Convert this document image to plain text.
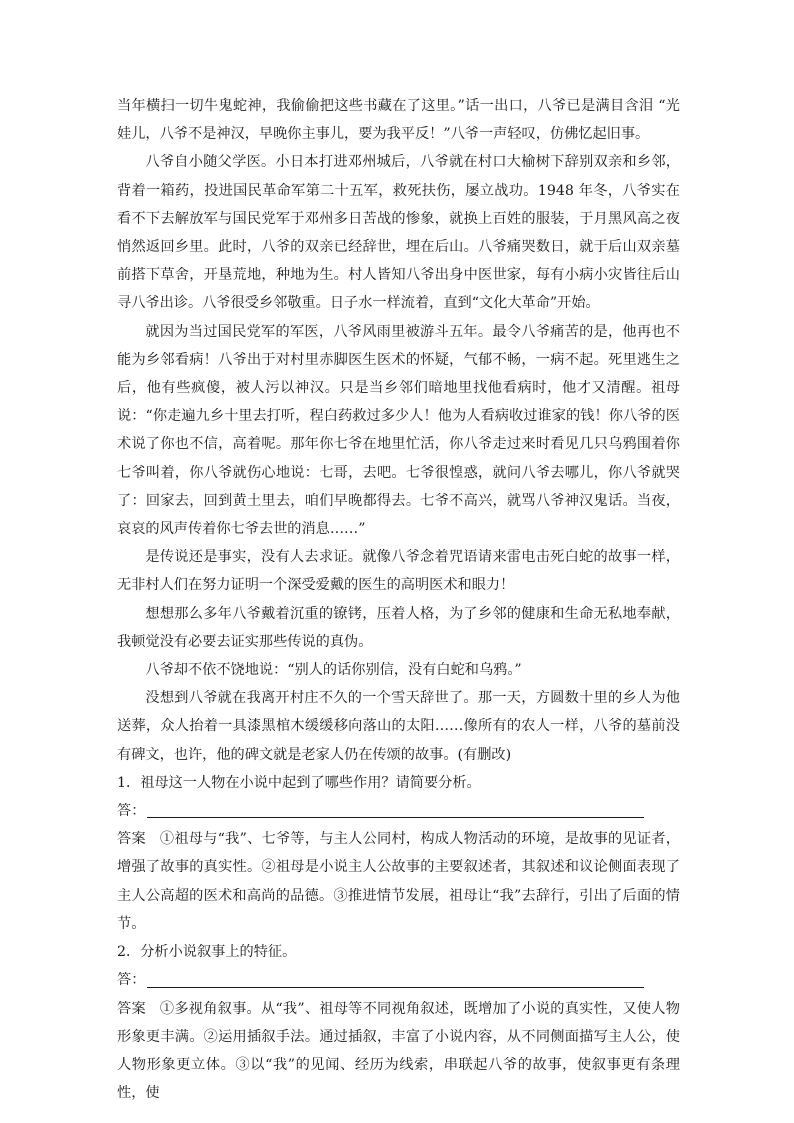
当年横扫一切牛鬼蛇神，我偷偷把这些书藏在了这里。”话一出口，八爷已是满目含泪 “光娃儿，八爷不是神汉，早晚你主事儿，要为我平反！”八爷一声轻叹，仿佛忆起旧事。

八爷自小随父学医。小日本打进邓州城后，八爷就在村口大榆树下辞别双亲和乡邻，背着一箱药，投进国民革命军第二十五军，救死扶伤，屡立战功。1948 年冬，八爷实在看不下去解放军与国民党军于邓州多日苦战的惨象，就换上百姓的服装，于月黑风高之夜悄然返回乡里。此时，八爷的双亲已经辞世，埋在后山。八爷痛哭数日，就于后山双亲墓前搭下草舍，开垦荒地，种地为生。村人皆知八爷出身中医世家，每有小病小灾皆往后山寻八爷出诊。八爷很受乡邻敬重。日子水一样流着，直到“文化大革命”开始。

就因为当过国民党军的军医，八爷风雨里被游斗五年。最令八爷痛苦的是，他再也不能为乡邻看病！八爷出于对村里赤脚医生医术的怀疑，气郁不畅，一病不起。死里逃生之后，他有些疯傻，被人污以神汉。只是当乡邻们暗地里找他看病时，他才又清醒。祖母说：“你走遍九乡十里去打听，程白药救过多少人！他为人看病收过谁家的钱！你八爷的医术说了你也不信，高着呢。那年你七爷在地里忙活，你八爷走过来时看见几只乌鸦围着你七爷叫着，你八爷就伤心地说：七哥，去吧。七爷很惶惑，就问八爷去哪儿，你八爷就哭了：回家去，回到黄土里去，咱们早晚都得去。七爷不高兴，就骂八爷神汉鬼话。当夜，哀哀的风声传着你七爷去世的消息……”

是传说还是事实，没有人去求证。就像八爷念着咒语请来雷电击死白蛇的故事一样，无非村人们在努力证明一个深受爱戴的医生的高明医术和眼力！

想想那么多年八爷戴着沉重的镣铐，压着人格，为了乡邻的健康和生命无私地奉献，我顿觉没有必要去证实那些传说的真伪。

八爷却不依不饶地说：“别人的话你别信，没有白蛇和乌鸦。”

没想到八爷就在我离开村庄不久的一个雪天辞世了。那一天，方圆数十里的乡人为他送葬，众人抬着一具漆黑棺木缓缓移向落山的太阳……像所有的农人一样，八爷的墓前没有碑文，也许，他的碑文就是老家人仍在传颂的故事。(有删改)

1．祖母这一人物在小说中起到了哪些作用？请简要分析。

答：

答案 ①祖母与“我”、七爷等，与主人公同村，构成人物活动的环境，是故事的见证者，增强了故事的真实性。②祖母是小说主人公故事的主要叙述者，其叙述和议论侧面表现了主人公高超的医术和高尚的品德。③推进情节发展，祖母让“我”去辞行，引出了后面的情节。

2．分析小说叙事上的特征。

答：

答案 ①多视角叙事。从“我”、祖母等不同视角叙述，既增加了小说的真实性，又使人物形象更丰满。②运用插叙手法。通过插叙，丰富了小说内容，从不同侧面描写主人公，使人物形象更立体。③以“我”的见闻、经历为线索，串联起八爷的故事，使叙事更有条理性，使
